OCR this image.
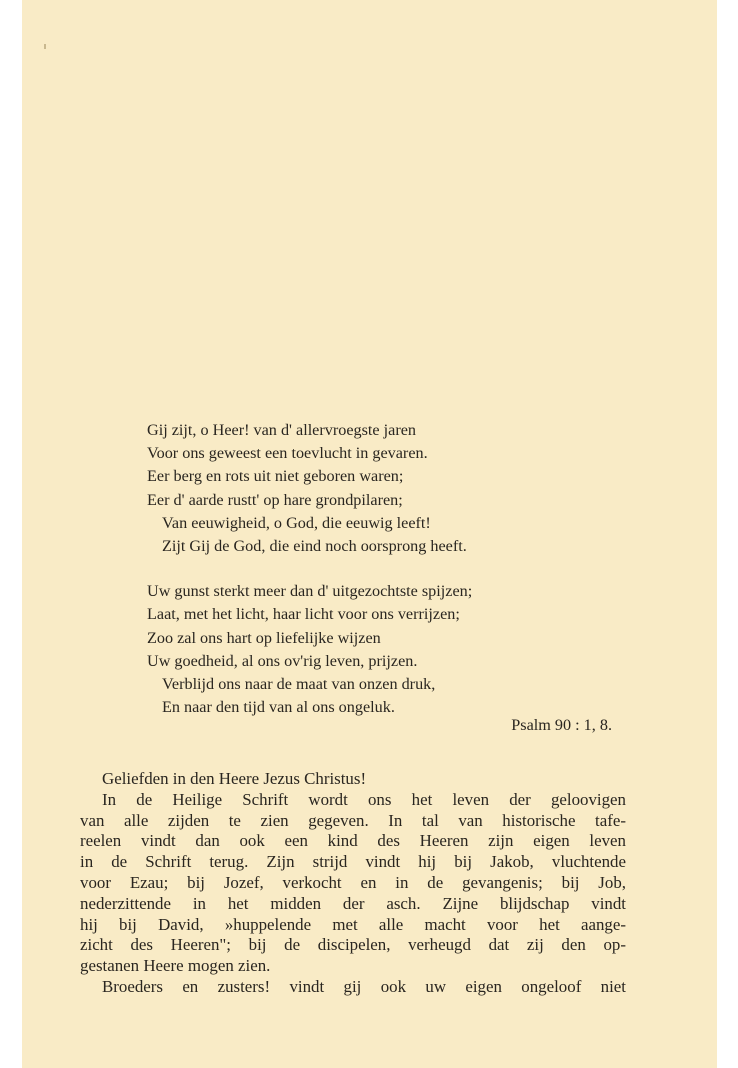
Gij zijt, o Heer! van d' allervroegste jaren
Voor ons geweest een toevlucht in gevaren.
Eer berg en rots uit niet geboren waren;
Eer d' aarde rustt' op hare grondpilaren;
Van eeuwigheid, o God, die eeuwig leeft!
Zijt Gij de God, die eind noch oorsprong heeft.
Uw gunst sterkt meer dan d' uitgezochtste spijzen;
Laat, met het licht, haar licht voor ons verrijzen;
Zoo zal ons hart op liefelijke wijzen
Uw goedheid, al ons ov'rig leven, prijzen.
Verblijd ons naar de maat van onzen druk,
En naar den tijd van al ons ongeluk.
Psalm 90 : 1, 8.
Geliefden in den Heere Jezus Christus!
In de Heilige Schrift wordt ons het leven der geloovigen
van alle zijden te zien gegeven. In tal van historische tafe-
reelen vindt dan ook een kind des Heeren zijn eigen leven
in de Schrift terug. Zijn strijd vindt hij bij Jakob, vluchtende
voor Ezau; bij Jozef, verkocht en in de gevangenis; bij Job,
nederzittende in het midden der asch. Zijne blijdschap vindt
hij bij David, »huppelende met alle macht voor het aange-
zicht des Heeren"; bij de discipelen, verheugd dat zij den op-
gestanen Heere mogen zien.
Broeders en zusters! vindt gij ook uw eigen ongeloof niet
